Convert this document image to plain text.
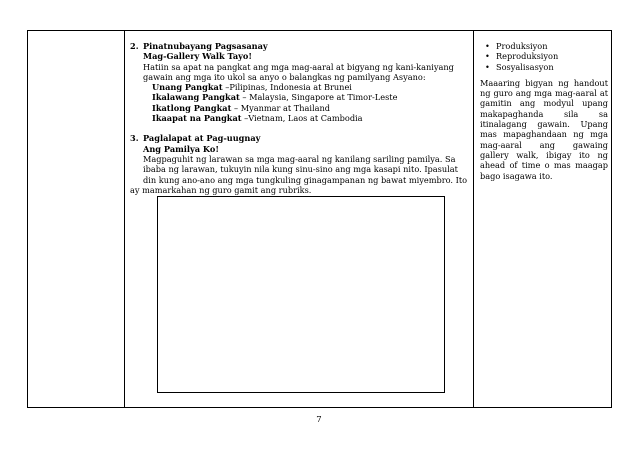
2. Pinatnubayang Pagsasanay

Mag-Gallery Walk Tayo!

Hatiin sa apat na pangkat ang mga mag-aaral at bigyang ng kani-kaniyang

gawain ang mga ito ukol sa anyo o balangkas ng pamilyang Asyano:

Unang Pangkat –Pilipinas, Indonesia at Brunei

Ikalawang Pangkat – Malaysia, Singapore at Timor-Leste

Ikatlong Pangkat – Myanmar at Thailand

Ikaapat na Pangkat –Vietnam, Laos at Cambodia

3. Paglalapat at Pag-uugnay

Ang Pamilya Ko!

Magpaguhit ng larawan sa mga mag-aaral ng kanilang sariling pamilya. Sa

ibaba ng larawan, tukuyin nila kung sinu-sino ang mga kasapi nito. Ipasulat

din kung ano-ano ang mga tungkuling ginagampanan ng bawat miyembro. Ito

ay mamarkahan ng guro gamit ang rubriks.

• Produksiyon
• Reproduksiyon
• Sosyalisasyon

Maaaring bigyan ng handout ng guro ang mga mag-aaral at gamitin ang modyul upang makapaghanda sila sa itinalagang gawain. Upang mas mapaghandaan ng mga mag-aaral ang gawaing gallery walk, ibigay ito ng ahead of time o mas maagap bago isagawa ito.

7
